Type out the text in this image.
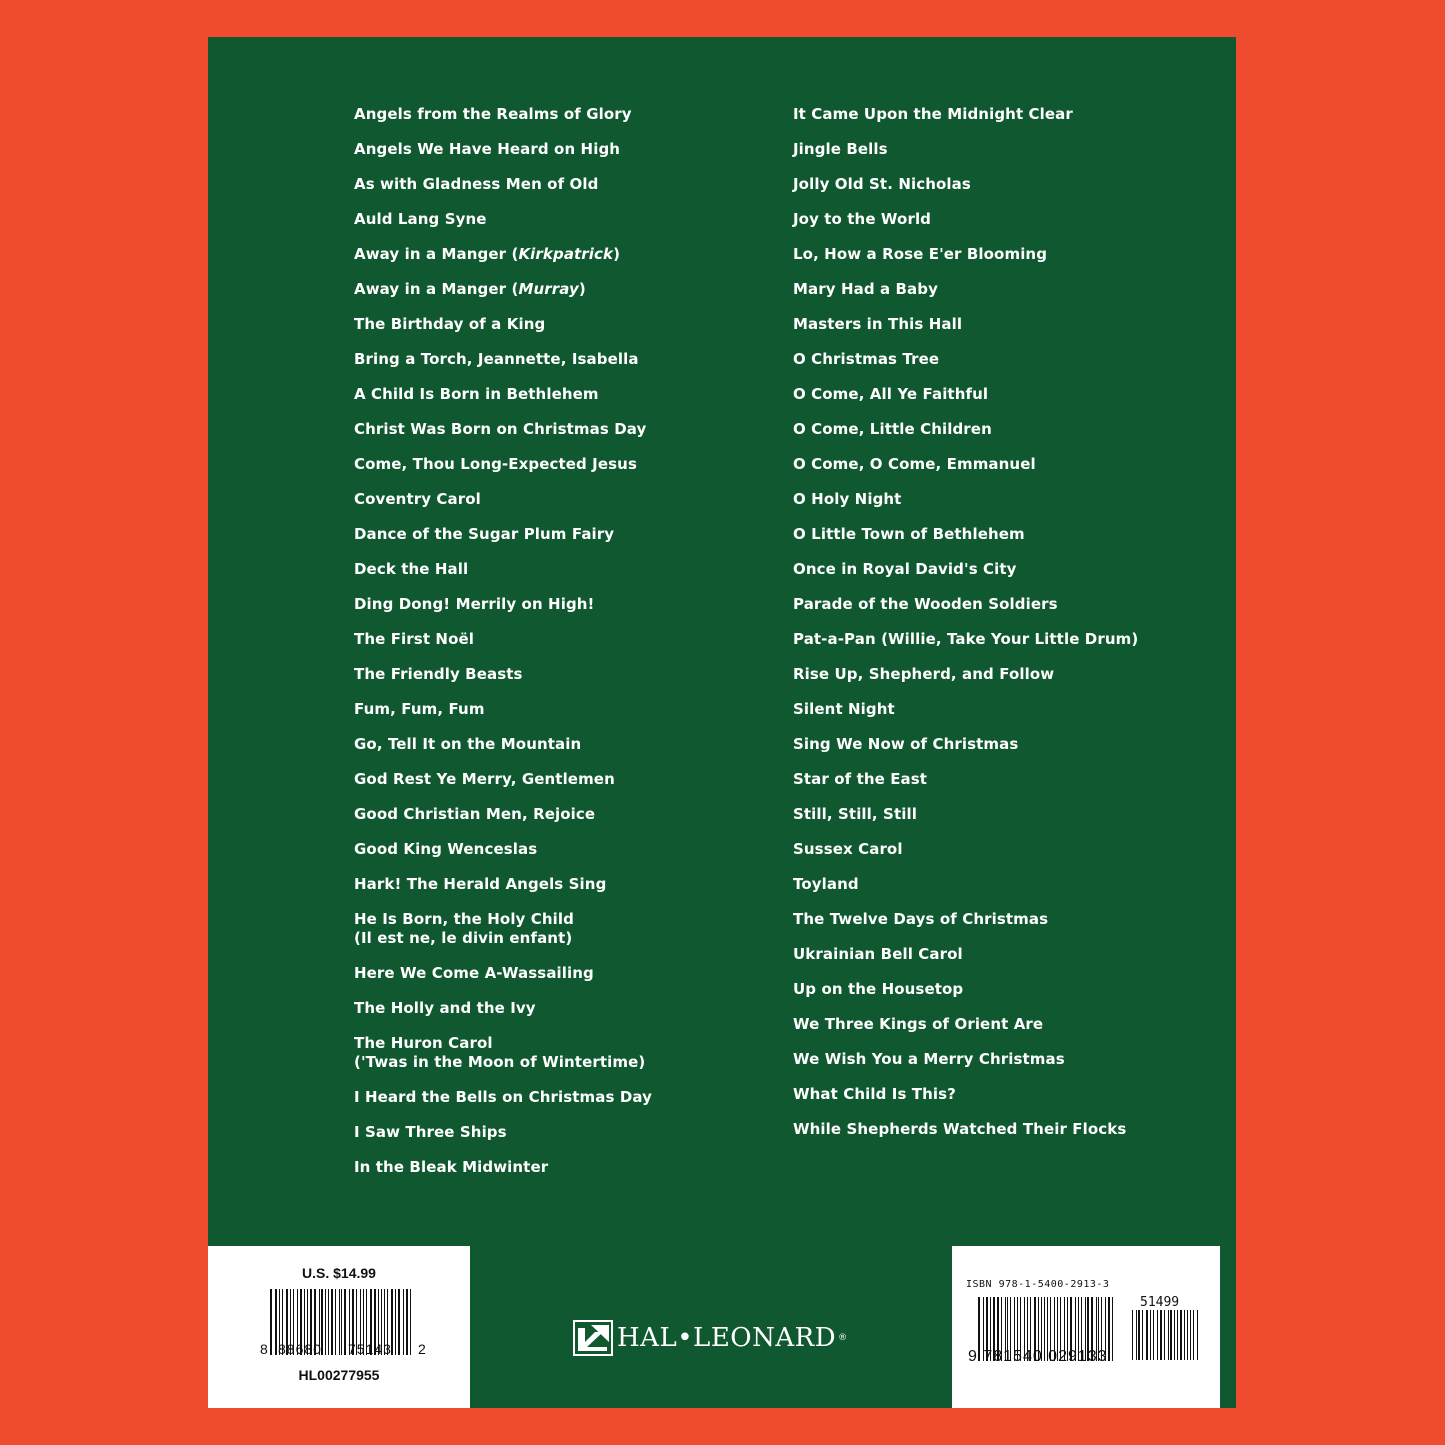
Angels from the Realms of Glory
Angels We Have Heard on High
As with Gladness Men of Old
Auld Lang Syne
Away in a Manger (Kirkpatrick)
Away in a Manger (Murray)
The Birthday of a King
Bring a Torch, Jeannette, Isabella
A Child Is Born in Bethlehem
Christ Was Born on Christmas Day
Come, Thou Long-Expected Jesus
Coventry Carol
Dance of the Sugar Plum Fairy
Deck the Hall
Ding Dong! Merrily on High!
The First Noël
The Friendly Beasts
Fum, Fum, Fum
Go, Tell It on the Mountain
God Rest Ye Merry, Gentlemen
Good Christian Men, Rejoice
Good King Wenceslas
Hark! The Herald Angels Sing
He Is Born, the Holy Child
(Il est ne, le divin enfant)
Here We Come A-Wassailing
The Holly and the Ivy
The Huron Carol
('Twas in the Moon of Wintertime)
I Heard the Bells on Christmas Day
I Saw Three Ships
In the Bleak Midwinter
It Came Upon the Midnight Clear
Jingle Bells
Jolly Old St. Nicholas
Joy to the World
Lo, How a Rose E'er Blooming
Mary Had a Baby
Masters in This Hall
O Christmas Tree
O Come, All Ye Faithful
O Come, Little Children
O Come, O Come, Emmanuel
O Holy Night
O Little Town of Bethlehem
Once in Royal David's City
Parade of the Wooden Soldiers
Pat-a-Pan (Willie, Take Your Little Drum)
Rise Up, Shepherd, and Follow
Silent Night
Sing We Now of Christmas
Star of the East
Still, Still, Still
Sussex Carol
Toyland
The Twelve Days of Christmas
Ukrainian Bell Carol
Up on the Housetop
We Three Kings of Orient Are
We Wish You a Merry Christmas
What Child Is This?
While Shepherds Watched Their Flocks
U.S. $14.99
8 88680 75143 2
HL00277955
HAL•LEONARD ®
ISBN 978-1-5400-2913-3
51499
9 781540 029133
